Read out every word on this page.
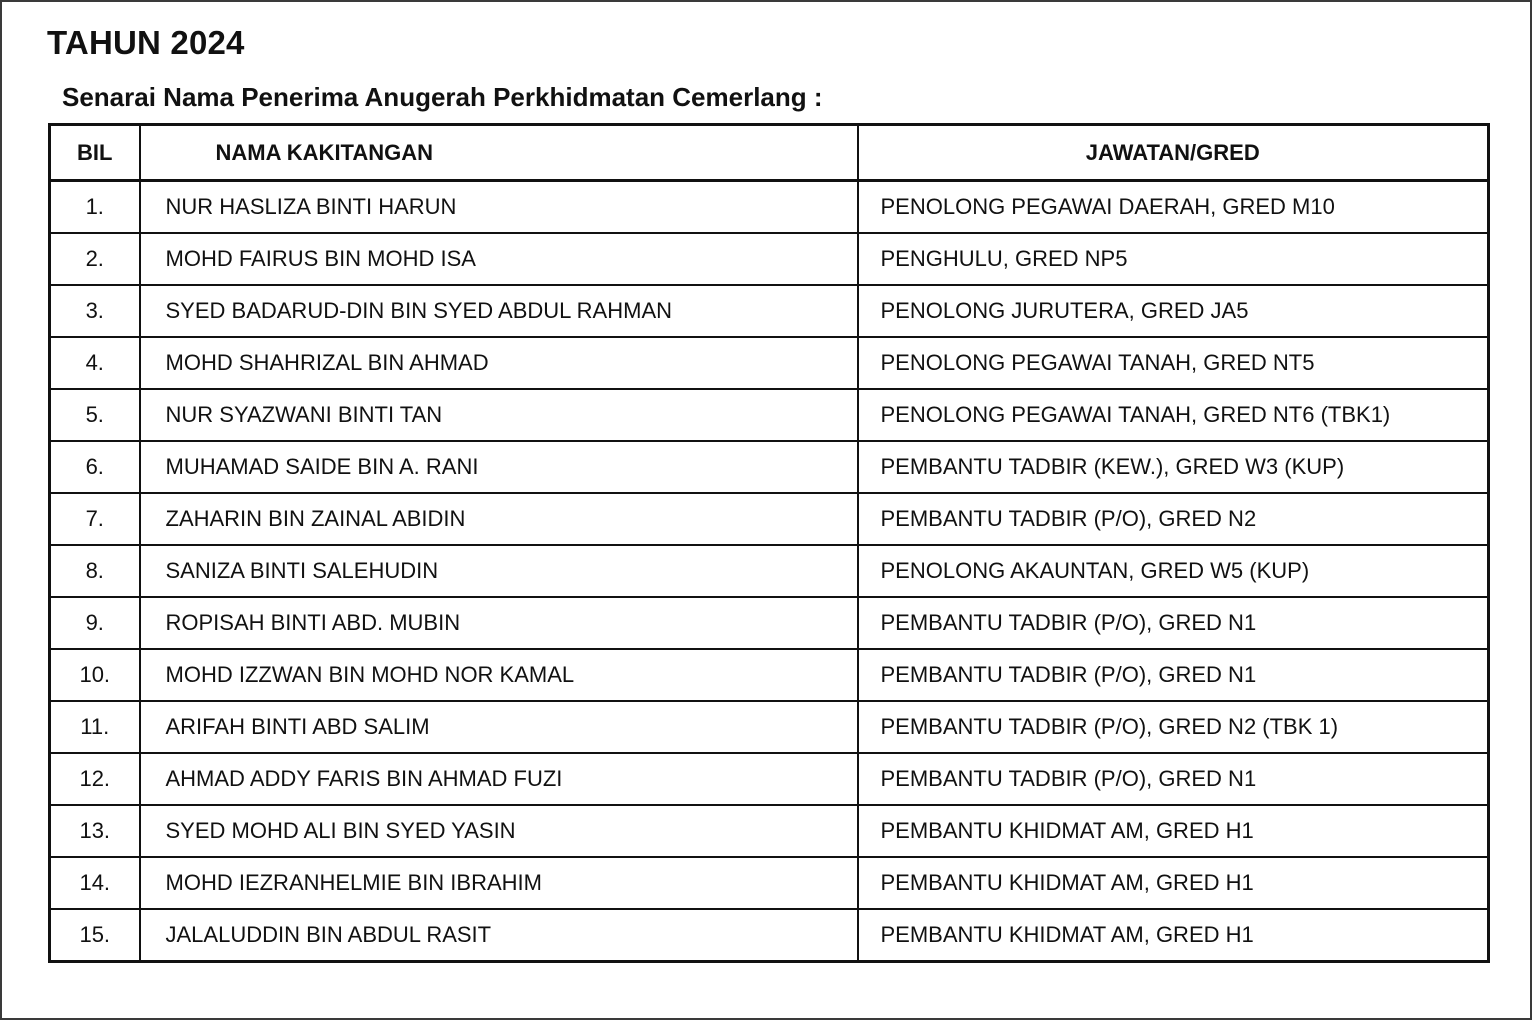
TAHUN 2024
Senarai Nama Penerima Anugerah Perkhidmatan Cemerlang :
BIL	NAMA KAKITANGAN	JAWATAN/GRED
1.	NUR HASLIZA BINTI HARUN	PENOLONG PEGAWAI DAERAH, GRED M10
2.	MOHD FAIRUS BIN MOHD ISA	PENGHULU, GRED NP5
3.	SYED BADARUD-DIN BIN SYED ABDUL RAHMAN	PENOLONG JURUTERA, GRED JA5
4.	MOHD SHAHRIZAL BIN AHMAD	PENOLONG PEGAWAI TANAH, GRED NT5
5.	NUR SYAZWANI BINTI TAN	PENOLONG PEGAWAI TANAH, GRED NT6 (TBK1)
6.	MUHAMAD SAIDE BIN A. RANI	PEMBANTU TADBIR (KEW.), GRED W3 (KUP)
7.	ZAHARIN BIN ZAINAL ABIDIN	PEMBANTU TADBIR (P/O), GRED N2
8.	SANIZA BINTI SALEHUDIN	PENOLONG AKAUNTAN, GRED W5 (KUP)
9.	ROPISAH BINTI ABD. MUBIN	PEMBANTU TADBIR (P/O), GRED N1
10.	MOHD IZZWAN BIN MOHD NOR KAMAL	PEMBANTU TADBIR (P/O), GRED N1
11.	ARIFAH BINTI ABD SALIM	PEMBANTU TADBIR (P/O), GRED N2 (TBK 1)
12.	AHMAD ADDY FARIS BIN AHMAD FUZI	PEMBANTU TADBIR (P/O), GRED N1
13.	SYED MOHD ALI BIN SYED YASIN	PEMBANTU KHIDMAT AM, GRED H1
14.	MOHD IEZRANHELMIE BIN IBRAHIM	PEMBANTU KHIDMAT AM, GRED H1
15.	JALALUDDIN BIN ABDUL RASIT	PEMBANTU KHIDMAT AM, GRED H1
